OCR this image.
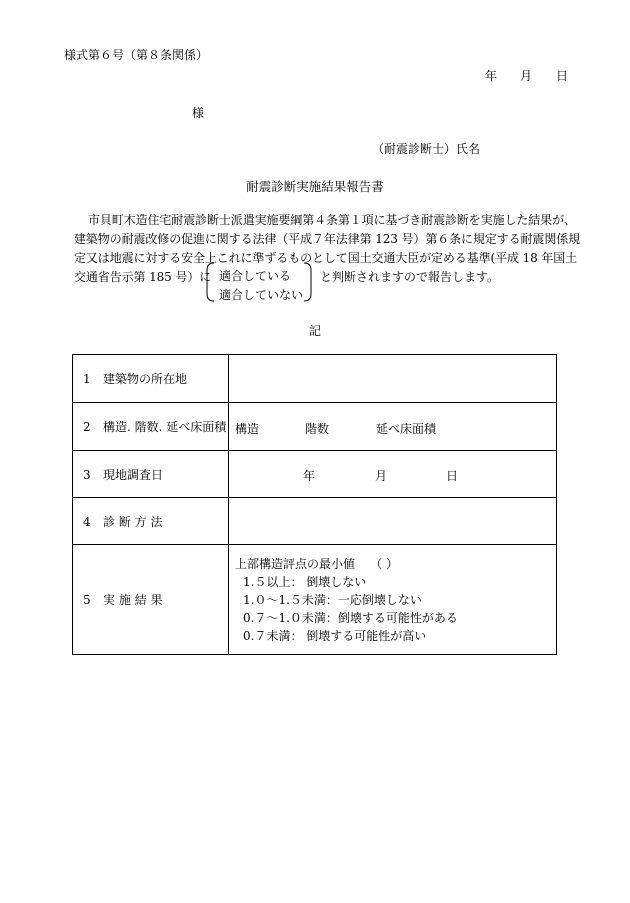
様式第６号（第８条関係）
年 月 日
様
（耐震診断士）氏名
耐震診断実施結果報告書
市貝町木造住宅耐震診断士派遣実施要綱第４条第１項に基づき耐震診断を実施した結果が、
建築物の耐震改修の促進に関する法律（平成７年法律第 123 号）第６条に規定する耐震関係規
定又は地震に対する安全上これに準ずるものとして国土交通大臣が定める基準(平成 18 年国土
交通省告示第 185 号）に 適合している
適合していない
と判断されますので報告します。
記
1 建築物の所在地	
2 構造. 階数. 延べ床面積	構造 階数 延べ床面積

3 現地調査日	年 月 日

4 診 断 方 法	
5 実 施 結 果	上部構造評点の最小値 （ ）
1.５以上： 倒壊しない
1.０～1.５未満：一応倒壊しない
0.７～1.０未満：倒壊する可能性がある
0.７未満： 倒壊する可能性が高い
